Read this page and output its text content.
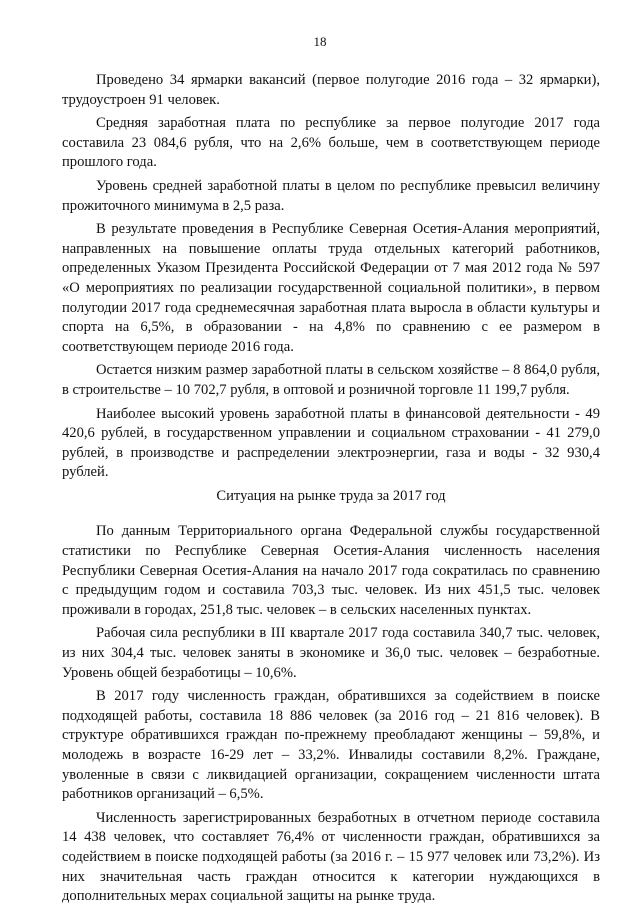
18

Проведено 34 ярмарки вакансий (первое полугодие 2016 года – 32 ярмарки), трудоустроен 91 человек.

Средняя заработная плата по республике за первое полугодие 2017 года составила 23 084,6 рубля, что на 2,6% больше, чем в соответствующем периоде прошлого года.

Уровень средней заработной платы в целом по республике превысил величину прожиточного минимума в 2,5 раза.

В результате проведения в Республике Северная Осетия-Алания мероприятий, направленных на повышение оплаты труда отдельных категорий работников, определенных Указом Президента Российской Федерации от 7 мая 2012 года № 597 «О мероприятиях по реализации государственной социальной политики», в первом полугодии 2017 года среднемесячная заработная плата выросла в области культуры и спорта на 6,5%, в образовании - на 4,8% по сравнению с ее размером в соответствующем периоде 2016 года.

Остается низким размер заработной платы в сельском хозяйстве – 8 864,0 рубля, в строительстве – 10 702,7 рубля, в оптовой и розничной торговле 11 199,7 рубля.

Наиболее высокий уровень заработной платы в финансовой деятельности - 49 420,6 рублей, в государственном управлении и социальном страховании - 41 279,0 рублей, в производстве и распределении электроэнергии, газа и воды - 32 930,4 рублей.

Ситуация на рынке труда за 2017 год

По данным Территориального органа Федеральной службы государственной статистики по Республике Северная Осетия-Алания численность населения Республики Северная Осетия-Алания на начало 2017 года сократилась по сравнению с предыдущим годом и составила 703,3 тыс. человек. Из них 451,5 тыс. человек проживали в городах, 251,8 тыс. человек – в сельских населенных пунктах.

Рабочая сила республики в III квартале 2017 года составила 340,7 тыс. человек, из них 304,4 тыс. человек заняты в экономике и 36,0 тыс. человек – безработные. Уровень общей безработицы – 10,6%.

В 2017 году численность граждан, обратившихся за содействием в поиске подходящей работы, составила 18 886 человек (за 2016 год – 21 816 человек). В структуре обратившихся граждан по-прежнему преобладают женщины – 59,8%, и молодежь в возрасте 16-29 лет – 33,2%. Инвалиды составили 8,2%. Граждане, уволенные в связи с ликвидацией организации, сокращением численности штата работников организаций – 6,5%.

Численность зарегистрированных безработных в отчетном периоде составила 14 438 человек, что составляет 76,4% от численности граждан, обратившихся за содействием в поиске подходящей работы (за 2016 г. – 15 977 человек или 73,2%). Из них значительная часть граждан относится к категории нуждающихся в дополнительных мерах социальной защиты на рынке труда.
